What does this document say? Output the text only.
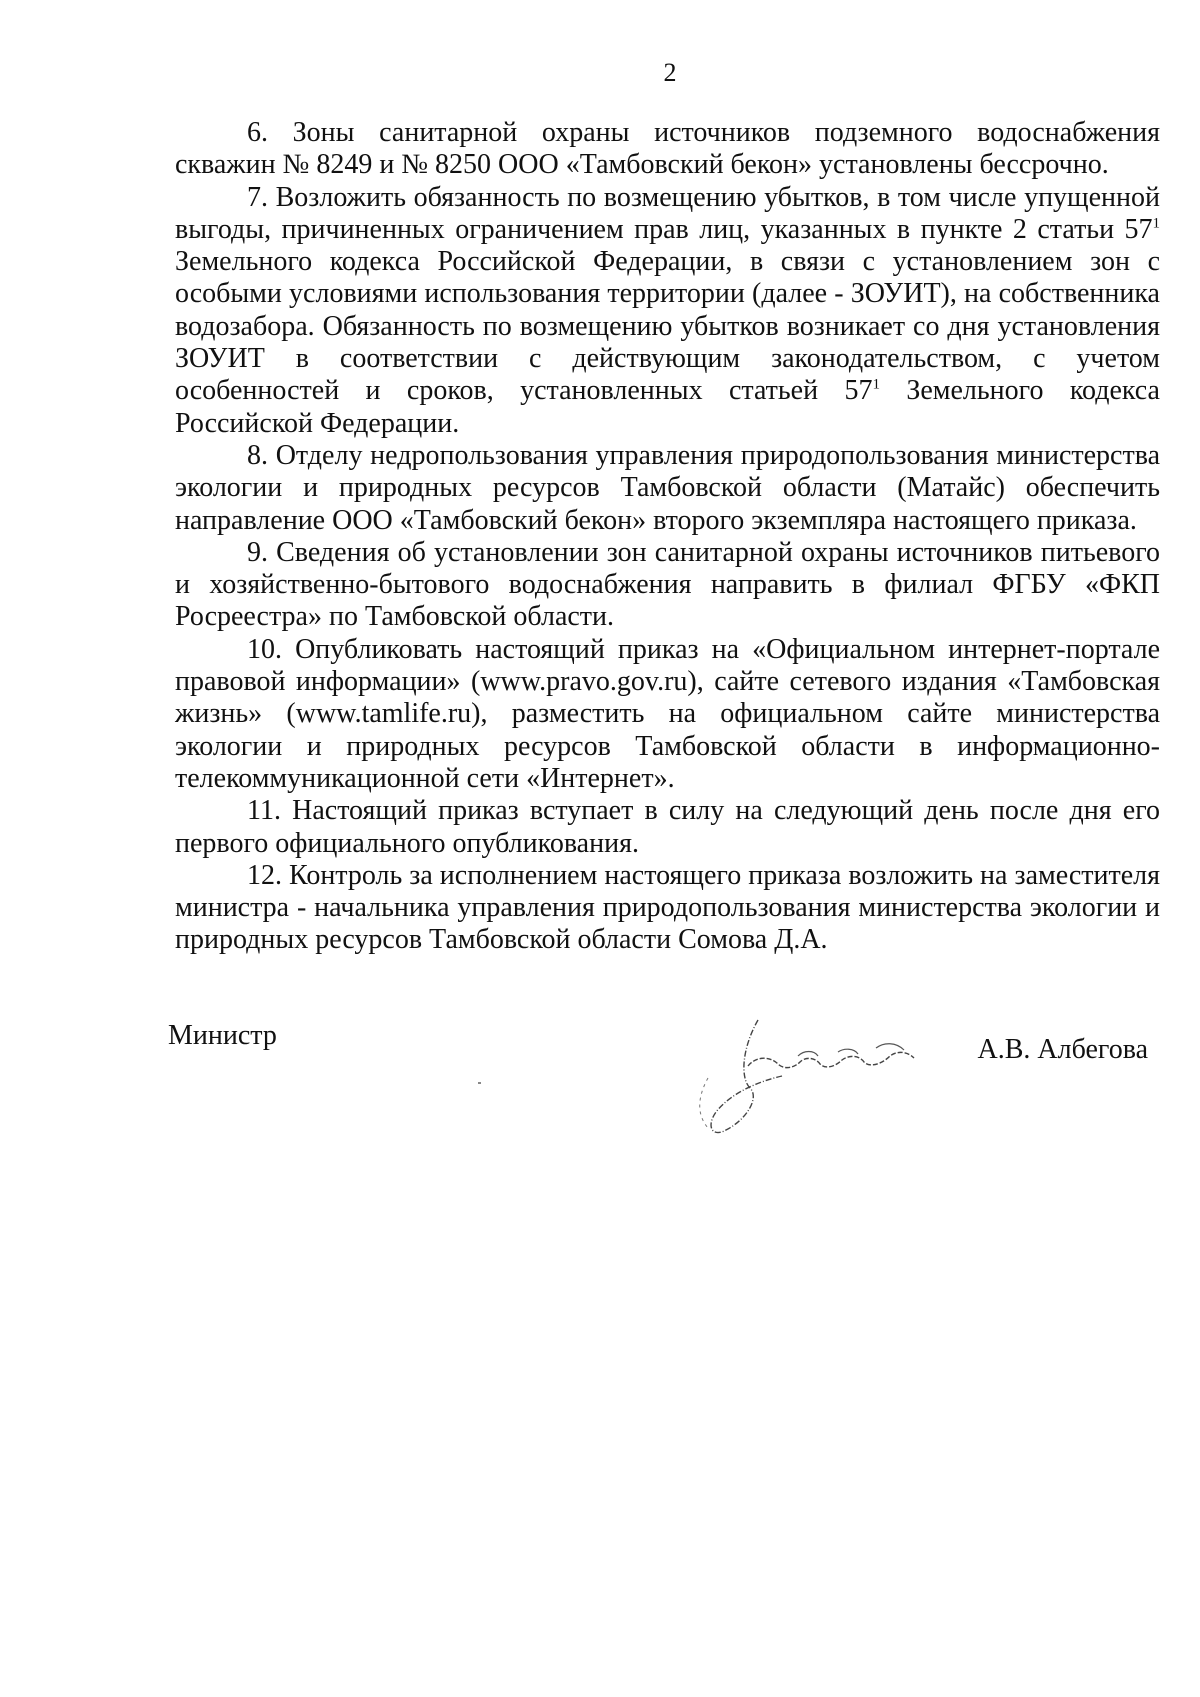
2

6. Зоны санитарной охраны источников подземного водоснабжения скважин № 8249 и № 8250 ООО «Тамбовский бекон» установлены бессрочно.

7. Возложить обязанность по возмещению убытков, в том числе упущенной выгоды, причиненных ограничением прав лиц, указанных в пункте 2 статьи $57^1$ Земельного кодекса Российской Федерации, в связи с установлением зон с особыми условиями использования территории (далее - ЗОУИТ), на собственника водозабора. Обязанность по возмещению убытков возникает со дня установления ЗОУИТ в соответствии с действующим законодательством, с учетом особенностей и сроков, установленных статьей $57^1$ Земельного кодекса Российской Федерации.

8. Отделу недропользования управления природопользования министерства экологии и природных ресурсов Тамбовской области (Матайс) обеспечить направление ООО «Тамбовский бекон» второго экземпляра настоящего приказа.

9. Сведения об установлении зон санитарной охраны источников питьевого и хозяйственно-бытового водоснабжения направить в филиал ФГБУ «ФКП Росреестра» по Тамбовской области.

10. Опубликовать настоящий приказ на «Официальном интернет-портале правовой информации» (www.pravo.gov.ru), сайте сетевого издания «Тамбовская жизнь» (www.tamlife.ru), разместить на официальном сайте министерства экологии и природных ресурсов Тамбовской области в информационно-телекоммуникационной сети «Интернет».

11. Настоящий приказ вступает в силу на следующий день после дня его первого официального опубликования.

12. Контроль за исполнением настоящего приказа возложить на заместителя министра - начальника управления природопользования министерства экологии и природных ресурсов Тамбовской области Сомова Д.А.

Министр	А.В. Албегова
